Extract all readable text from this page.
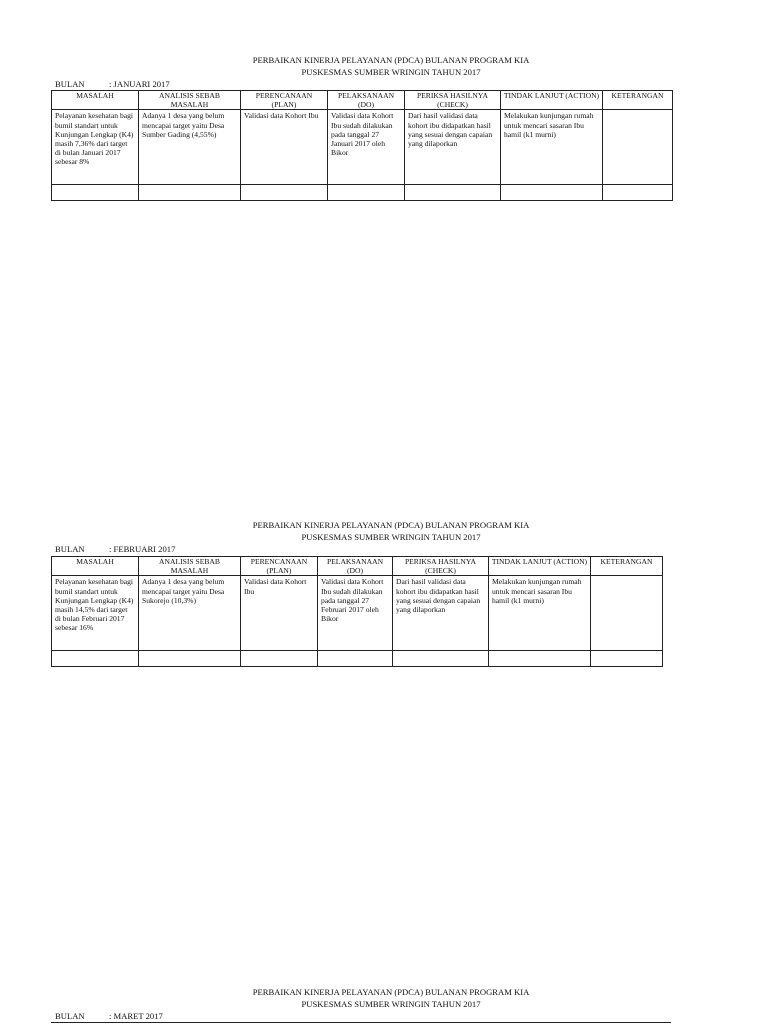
PERBAIKAN KINERJA PELAYANAN (PDCA) BULANAN PROGRAM KIA
PUSKESMAS SUMBER WRINGIN TAHUN 2017
BULAN	: JANUARI 2017
MASALAH	ANALISIS SEBAB MASALAH	PERENCANAAN (PLAN)	PELAKSANAAN (DO)	PERIKSA HASILNYA (CHECK)	TINDAK LANJUT (ACTION)	KETERANGAN
Pelayanan kesehatan bagi bumil standart untuk Kunjungan Lengkap (K4) masih 7,36% dari target di bulan Januari 2017 sebesar 8%	Adanya 1 desa yang belum mencapai target yaitu Desa Sumber Gading (4,55%)	Validasi data Kohort Ibu	Validasi data Kohort Ibu sudah dilakukan pada tanggal 27 Januari 2017 oleh Bikor	Dari hasil validasi data kohort ibu didapatkan hasil yang sesuai dengan capaian yang dilaporkan	Melakukan kunjungan rumah untuk mencari sasaran Ibu hamil (k1 murni)	

PERBAIKAN KINERJA PELAYANAN (PDCA) BULANAN PROGRAM KIA
PUSKESMAS SUMBER WRINGIN TAHUN 2017
BULAN	: FEBRUARI 2017
MASALAH	ANALISIS SEBAB MASALAH	PERENCANAAN (PLAN)	PELAKSANAAN (DO)	PERIKSA HASILNYA (CHECK)	TINDAK LANJUT (ACTION)	KETERANGAN
Pelayanan kesehatan bagi bumil standart untuk Kunjungan Lengkap (K4) masih 14,5% dari target di bulan Februari 2017 sebesar 16%	Adanya 1 desa yang belum mencapai target yaitu Desa Sukorejo (10,3%)	Validasi data Kohort Ibu	Validasi data Kohort Ibu sudah dilakukan pada tanggal 27 Februari 2017 oleh Bikor	Dari hasil validasi data kohort ibu didapatkan hasil yang sesuai dengan capaian yang dilaporkan	Melakukan kunjungan rumah untuk mencari sasaran Ibu hamil (k1 murni)	

PERBAIKAN KINERJA PELAYANAN (PDCA) BULANAN PROGRAM KIA
PUSKESMAS SUMBER WRINGIN TAHUN 2017
BULAN	: MARET 2017
